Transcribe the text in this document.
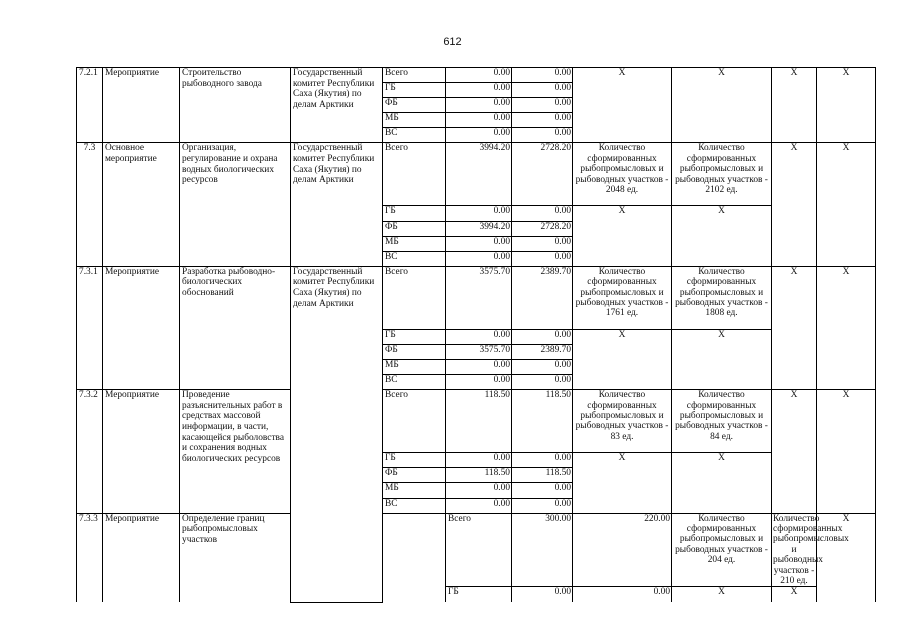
612
7.2.1	Мероприятие	Строительство рыбоводного завода	Государственный комитет Республики Саха (Якутия) по делам Арктики	Всего	0.00	0.00	X	X	X	X	
				ГБ	0.00	0.00					
				ФБ	0.00	0.00					
				МБ	0.00	0.00					
				ВС	0.00	0.00					
7.3	Основное мероприятие	Организация, регулирование и охрана водных биологических ресурсов	Государственный комитет Республики Саха (Якутия) по делам Арктики	Всего	3994.20	2728.20	Количество сформированных рыбопромысловых и рыбоводных участков - 2048 ед.	Количество сформированных рыбопромысловых и рыбоводных участков - 2102 ед.	X	X	
				ГБ	0.00	0.00	X	X			
				ФБ	3994.20	2728.20					
				МБ	0.00	0.00					
				ВС	0.00	0.00					
7.3.1	Мероприятие	Разработка рыбоводно-биологических обоснований	Государственный комитет Республики Саха (Якутия) по делам Арктики	Всего	3575.70	2389.70	Количество сформированных рыбопромысловых и рыбоводных участков - 1761 ед.	Количество сформированных рыбопромысловых и рыбоводных участков - 1808 ед.	X	X	
				ГБ	0.00	0.00	X	X			
				ФБ	3575.70	2389.70					
				МБ	0.00	0.00					
				ВС	0.00	0.00					
7.3.2	Мероприятие	Проведение разъяснительных работ в средствах массовой информации, в части, касающейся рыболовства и сохранения водных биологических ресурсов		Всего	118.50	118.50	Количество сформированных рыбопромысловых и рыбоводных участков - 83 ед.	Количество сформированных рыбопромысловых и рыбоводных участков - 84 ед.	X	X	
				ГБ	0.00	0.00	X	X			
				ФБ	118.50	118.50					
				МБ	0.00	0.00					
				ВС	0.00	0.00					
7.3.3	Мероприятие	Определение границ рыбопромысловых участков			Всего	300.00	220.00	Количество сформированных рыбопромысловых и рыбоводных участков - 204 ед.	Количество сформированных рыбопромысловых и рыбоводных участков - 210 ед.	X	
					ГБ	0.00	0.00	X	X		
